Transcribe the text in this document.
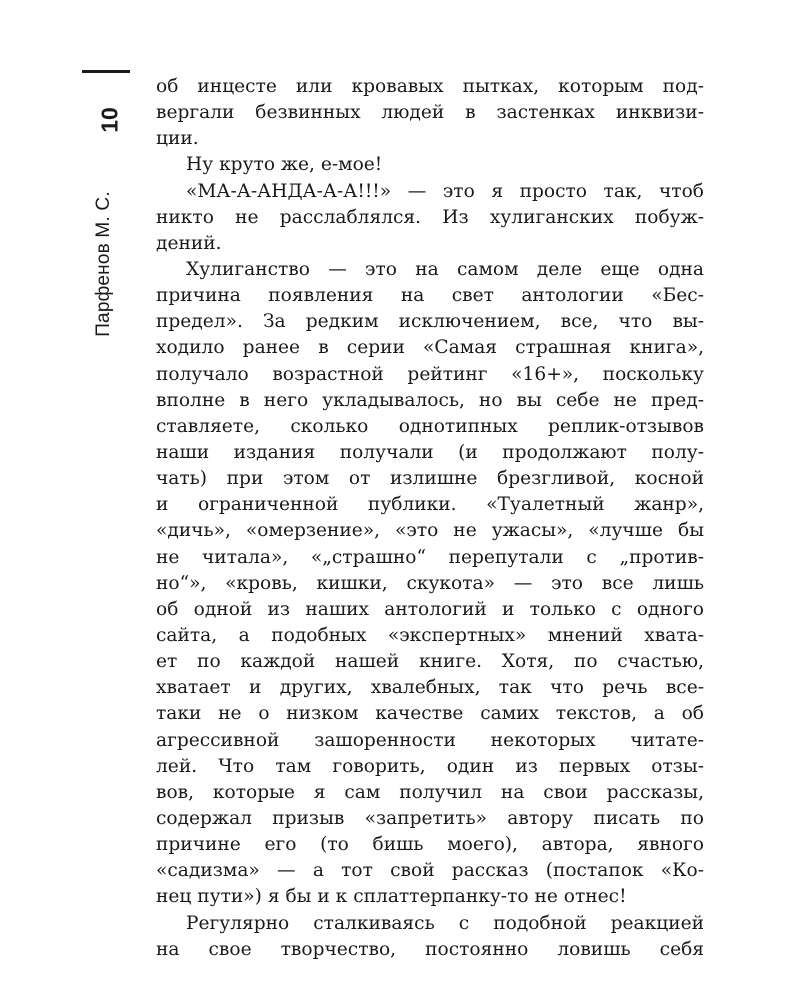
10
Парфенов М. С.
об инцесте или кровавых пытках, которым под-
вергали безвинных людей в застенках инквизи-
ции.
Ну круто же, е-мое!
«МА-А-АНДА-А-А!!!» — это я просто так, чтоб
никто не расслаблялся. Из хулиганских побуж-
дений.
Хулиганство — это на самом деле еще одна
причина появления на свет антологии «Бес-
предел». За редким исключением, все, что вы-
ходило ранее в серии «Самая страшная книга»,
получало возрастной рейтинг «16+», поскольку
вполне в него укладывалось, но вы себе не пред-
ставляете, сколько однотипных реплик-отзывов
наши издания получали (и продолжают полу-
чать) при этом от излишне брезгливой, косной
и ограниченной публики. «Туалетный жанр»,
«дичь», «омерзение», «это не ужасы», «лучше бы
не читала», «„страшно“ перепутали с „против-
но“», «кровь, кишки, скукота» — это все лишь
об одной из наших антологий и только с одного
сайта, а подобных «экспертных» мнений хвата-
ет по каждой нашей книге. Хотя, по счастью,
хватает и других, хвалебных, так что речь все-
таки не о низком качестве самих текстов, а об
агрессивной зашоренности некоторых читате-
лей. Что там говорить, один из первых отзы-
вов, которые я сам получил на свои рассказы,
содержал призыв «запретить» автору писать по
причине его (то бишь моего), автора, явного
«садизма» — а тот свой рассказ (постапок «Ко-
нец пути») я бы и к сплаттерпанку-то не отнес!
Регулярно сталкиваясь с подобной реакцией
на свое творчество, постоянно ловишь себя
